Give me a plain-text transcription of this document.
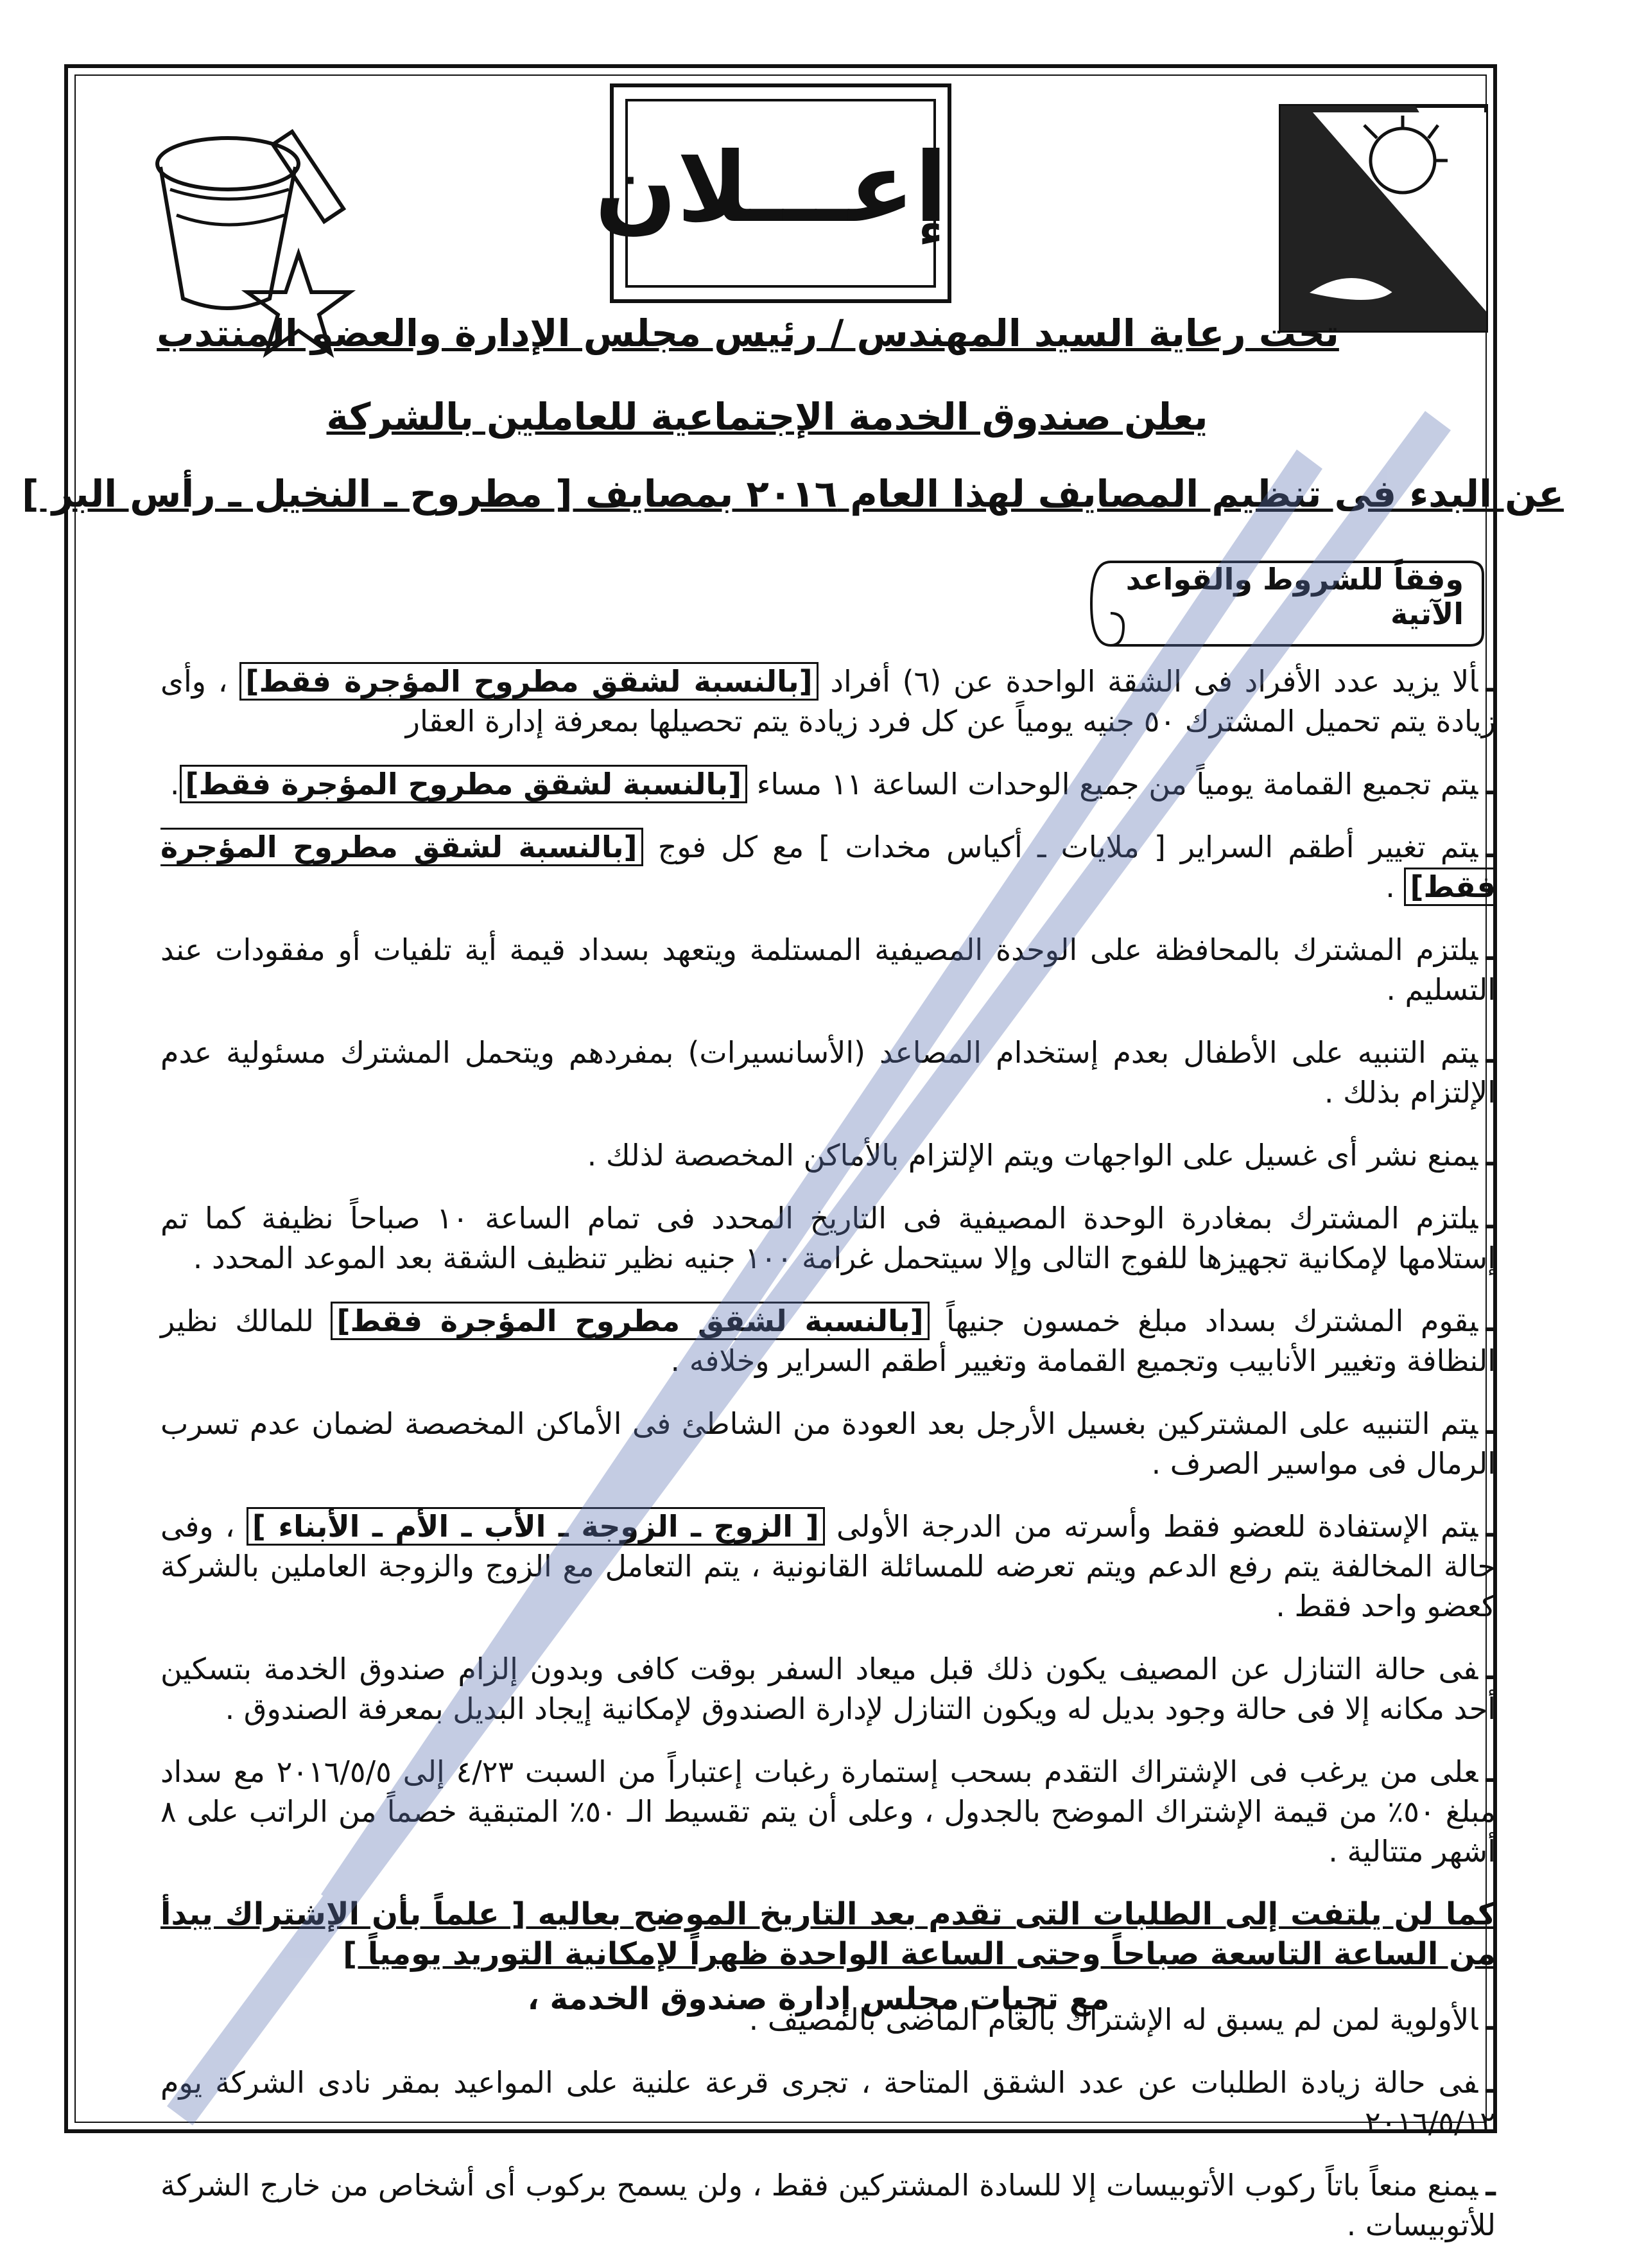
إعـــلان
تحت رعاية السيد المهندس / رئيس مجلس الإدارة والعضو المنتدب
يعلن صندوق الخدمة الإجتماعية للعاملين بالشركة
عن البدء فى تنظيم المصايف لهذا العام ٢٠١٦ بمصايف [ مطروح ـ النخيل ـ رأس البر ]
وفقاً للشروط والقواعد الآتية
ـألا يزيد عدد الأفراد فى الشقة الواحدة عن (٦) أفراد [بالنسبة لشقق مطروح المؤجرة فقط] ، وأى زيادة يتم تحميل المشترك ٥٠ جنيه يومياً عن كل فرد زيادة يتم تحصيلها بمعرفة إدارة العقار
ـيتم تجميع القمامة يومياً من جميع الوحدات الساعة ١١ مساء [بالنسبة لشقق مطروح المؤجرة فقط].
ـيتم تغيير أطقم السراير [ ملايات ـ أكياس مخدات ] مع كل فوج [بالنسبة لشقق مطروح المؤجرة فقط] .
ـيلتزم المشترك بالمحافظة على الوحدة المصيفية المستلمة ويتعهد بسداد قيمة أية تلفيات أو مفقودات عند التسليم .
ـيتم التنبيه على الأطفال بعدم إستخدام المصاعد (الأسانسيرات) بمفردهم ويتحمل المشترك مسئولية عدم الإلتزام بذلك .
ـيمنع نشر أى غسيل على الواجهات ويتم الإلتزام بالأماكن المخصصة لذلك .
ـيلتزم المشترك بمغادرة الوحدة المصيفية فى التاريخ المحدد فى تمام الساعة ١٠ صباحاً نظيفة كما تم إستلامها لإمكانية تجهيزها للفوج التالى وإلا سيتحمل غرامة ١٠٠ جنيه نظير تنظيف الشقة بعد الموعد المحدد .
ـيقوم المشترك بسداد مبلغ خمسون جنيهاً [بالنسبة لشقق مطروح المؤجرة فقط] للمالك نظير النظافة وتغيير الأنابيب وتجميع القمامة وتغيير أطقم السراير وخلافه .
ـيتم التنبيه على المشتركين بغسيل الأرجل بعد العودة من الشاطئ فى الأماكن المخصصة لضمان عدم تسرب الرمال فى مواسير الصرف .
ـيتم الإستفادة للعضو فقط وأسرته من الدرجة الأولى [ الزوج ـ الزوجة ـ الأب ـ الأم ـ الأبناء ] ، وفى حالة المخالفة يتم رفع الدعم ويتم تعرضه للمسائلة القانونية ، يتم التعامل مع الزوج والزوجة العاملين بالشركة كعضو واحد فقط .
ـفى حالة التنازل عن المصيف يكون ذلك قبل ميعاد السفر بوقت كافى وبدون إلزام صندوق الخدمة بتسكين أحد مكانه إلا فى حالة وجود بديل له ويكون التنازل لإدارة الصندوق لإمكانية إيجاد البديل بمعرفة الصندوق .
ـعلى من يرغب فى الإشتراك التقدم بسحب إستمارة رغبات إعتباراً من السبت ٤/٢٣ إلى ٢٠١٦/٥/٥ مع سداد مبلغ ٥٠٪ من قيمة الإشتراك الموضح بالجدول ، وعلى أن يتم تقسيط الـ ٥٠٪ المتبقية خصماً من الراتب على ٨ أشهر متتالية .
كما لن يلتفت إلى الطلبات التى تقدم بعد التاريخ الموضح بعاليه [ علماً بأن الإشتراك يبدأ من الساعة التاسعة صباحاً وحتى الساعة الواحدة ظهراً لإمكانية التوريد يومياً ]
ـالأولوية لمن لم يسبق له الإشتراك بالعام الماضى بالمصيف .
ـفى حالة زيادة الطلبات عن عدد الشقق المتاحة ، تجرى قرعة علنية على المواعيد بمقر نادى الشركة يوم ٢٠١٦/٥/١٢
ـيمنع منعاً باتاً ركوب الأتوبيسات إلا للسادة المشتركين فقط ، ولن يسمح بركوب أى أشخاص من خارج الشركة للأتوبيسات .
مع تحيات مجلس إدارة صندوق الخدمة ،
